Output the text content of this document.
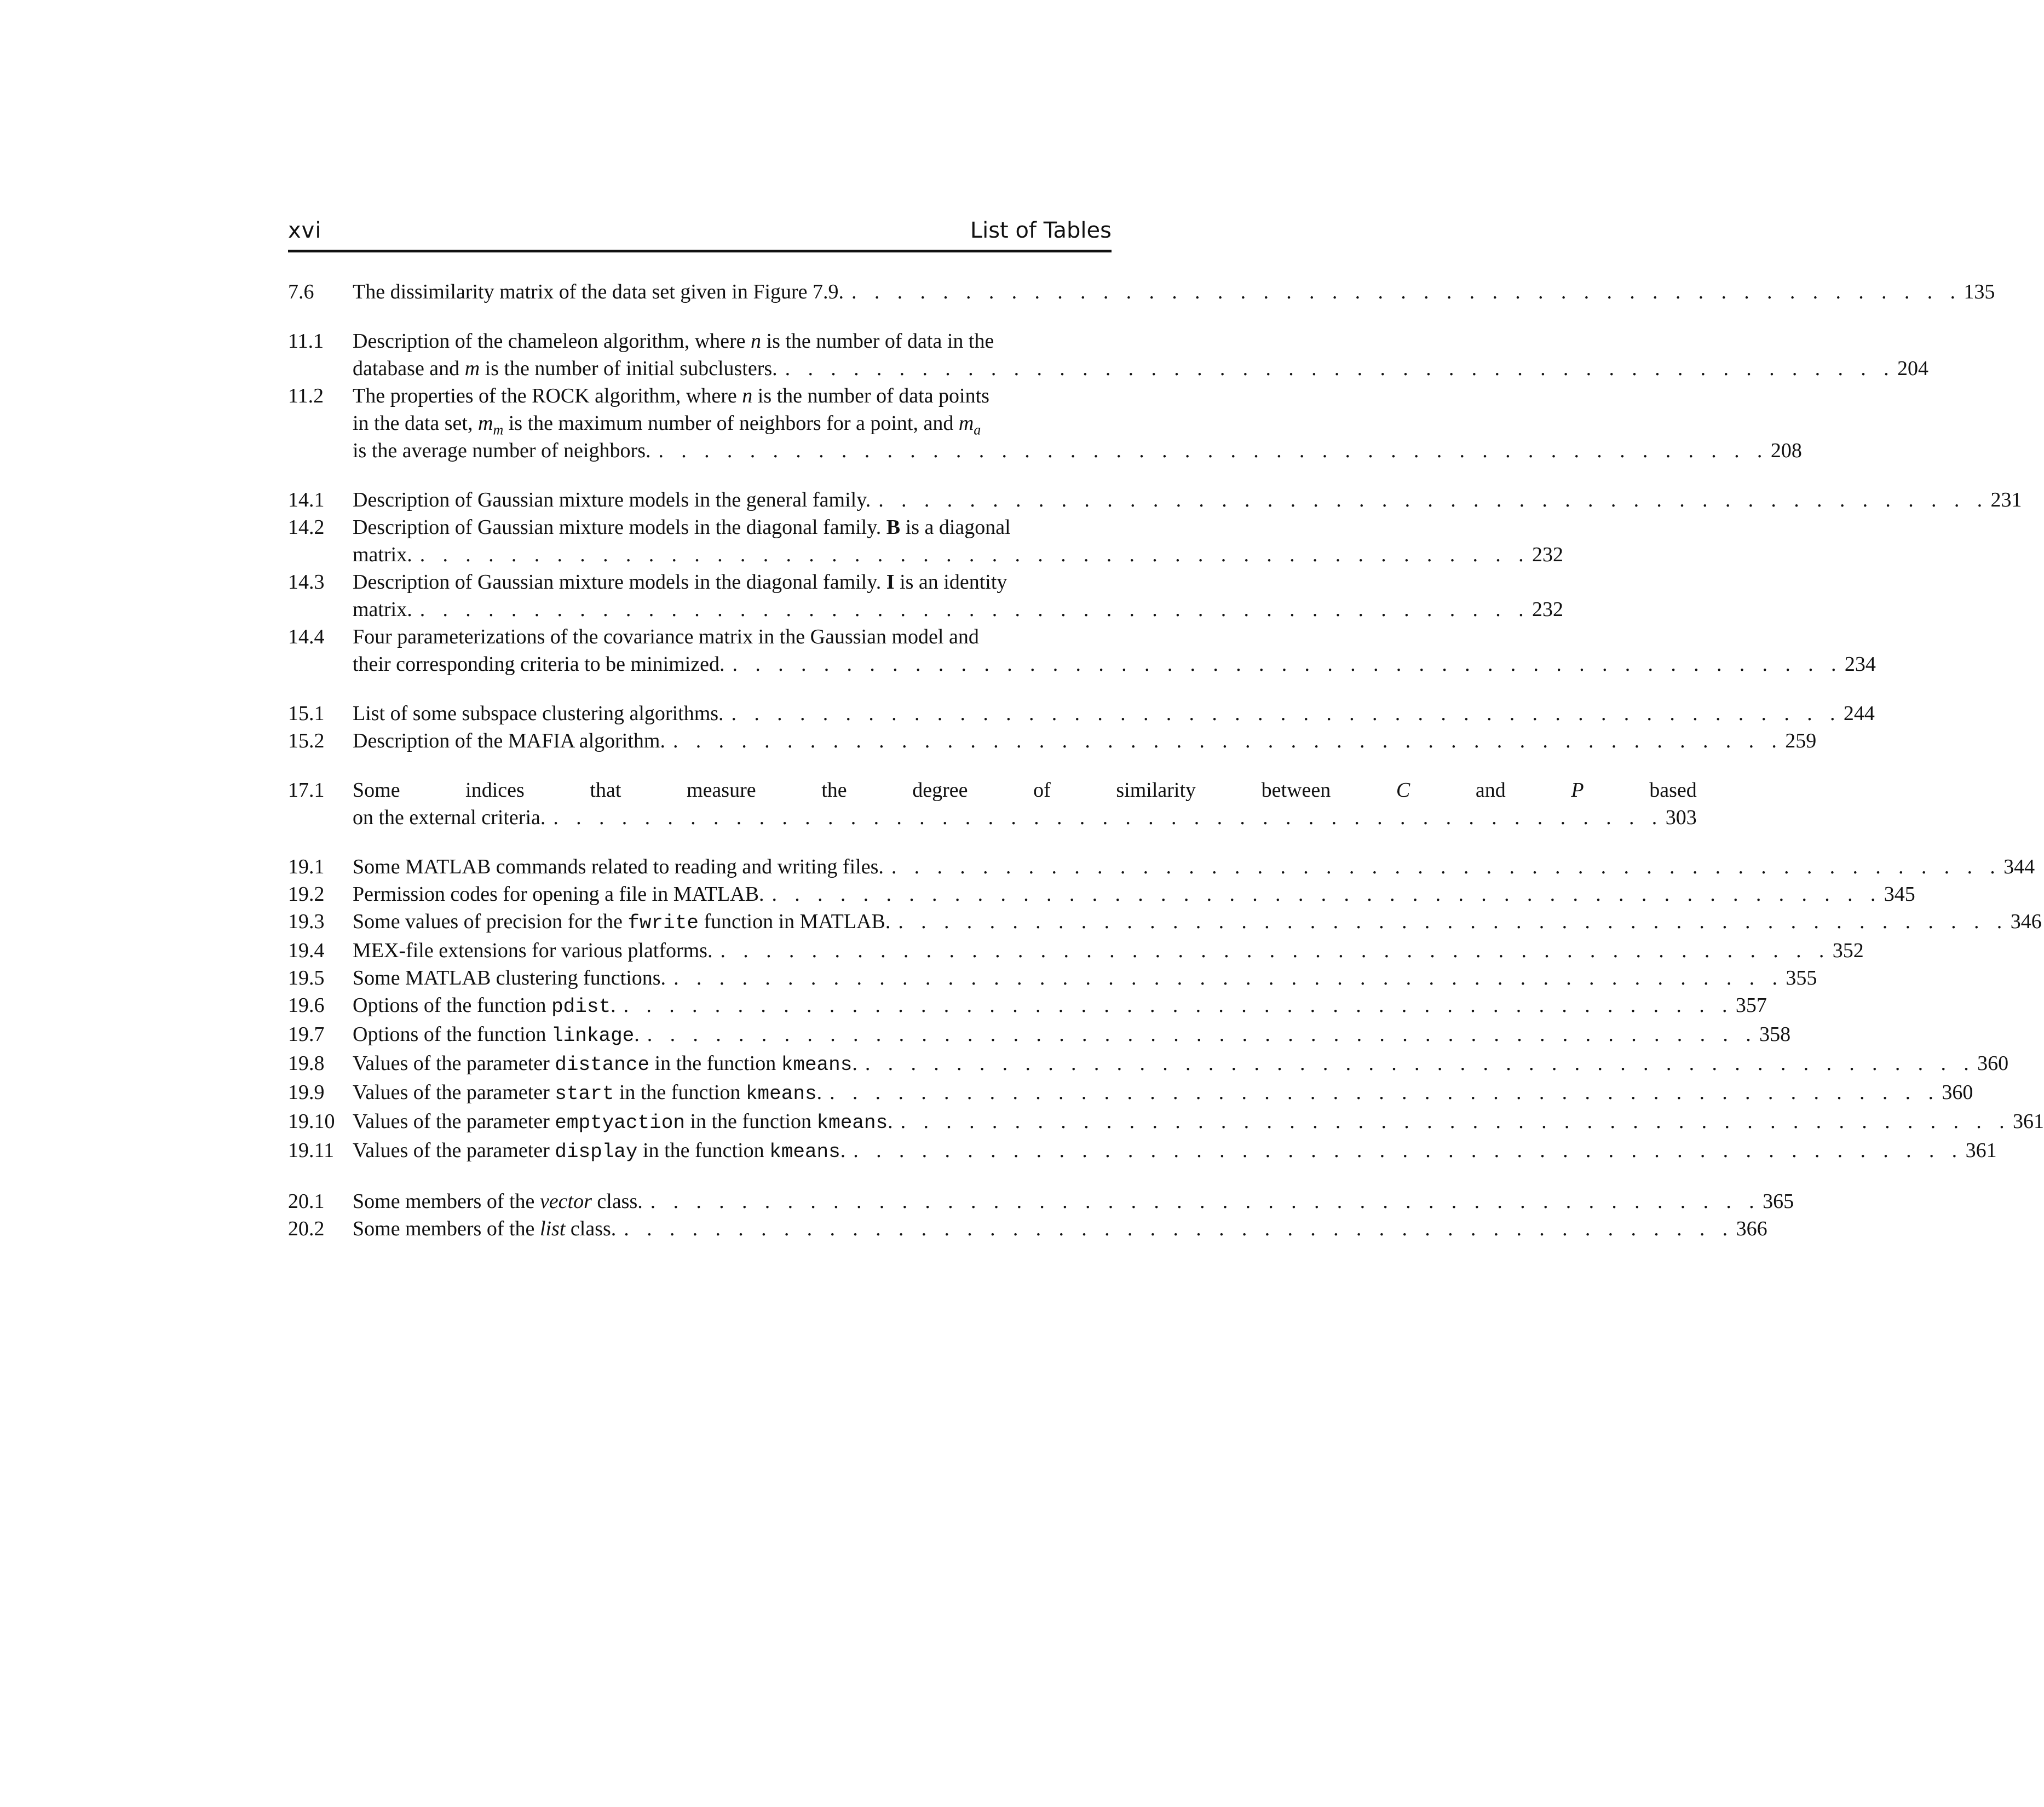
xvi	List of Tables
7.6	The dissimilarity matrix of the data set given in Figure 7.9. . . . . . . . . . . . . . . . . . . . . . . . . . . . . . . . . . . . . . . . . . . . . . . . . . 135
11.1	Description of the chameleon algorithm, where n is the number of data in the
database and m is the number of initial subclusters. . . . . . . . . . . . . . . . . . . . . . . . . . . . . . . . . . . . . . . . . . . . . . . . . . 204
11.2	The properties of the ROCK algorithm, where n is the number of data points
in the data set, $m_m$ is the maximum number of neighbors for a point, and $m_a$
is the average number of neighbors. . . . . . . . . . . . . . . . . . . . . . . . . . . . . . . . . . . . . . . . . . . . . . . . . . 208
14.1	Description of Gaussian mixture models in the general family. . . . . . . . . . . . . . . . . . . . . . . . . . . . . . . . . . . . . . . . . . . . . . . . . . 231
14.2	Description of Gaussian mixture models in the diagonal family. B is a diagonal
matrix. . . . . . . . . . . . . . . . . . . . . . . . . . . . . . . . . . . . . . . . . . . . . . . . . . 232
14.3	Description of Gaussian mixture models in the diagonal family. I is an identity
matrix. . . . . . . . . . . . . . . . . . . . . . . . . . . . . . . . . . . . . . . . . . . . . . . . . . 232
14.4	Four parameterizations of the covariance matrix in the Gaussian model and
their corresponding criteria to be minimized. . . . . . . . . . . . . . . . . . . . . . . . . . . . . . . . . . . . . . . . . . . . . . . . . . 234
15.1	List of some subspace clustering algorithms. . . . . . . . . . . . . . . . . . . . . . . . . . . . . . . . . . . . . . . . . . . . . . . . . . 244
15.2	Description of the MAFIA algorithm. . . . . . . . . . . . . . . . . . . . . . . . . . . . . . . . . . . . . . . . . . . . . . . . . . 259
17.1	Some indices that measure the degree of similarity between	C	and	P	based
on the external criteria. . . . . . . . . . . . . . . . . . . . . . . . . . . . . . . . . . . . . . . . . . . . . . . . . . 303
19.1	Some MATLAB commands related to reading and writing files. . . . . . . . . . . . . . . . . . . . . . . . . . . . . . . . . . . . . . . . . . . . . . . . . . 344
19.2	Permission codes for opening a file in MATLAB. . . . . . . . . . . . . . . . . . . . . . . . . . . . . . . . . . . . . . . . . . . . . . . . . . 345
19.3	Some values of precision for the fwrite function in MATLAB. . . . . . . . . . . . . . . . . . . . . . . . . . . . . . . . . . . . . . . . . . . . . . . . . . 346
19.4	MEX-file extensions for various platforms. . . . . . . . . . . . . . . . . . . . . . . . . . . . . . . . . . . . . . . . . . . . . . . . . . 352
19.5	Some MATLAB clustering functions. . . . . . . . . . . . . . . . . . . . . . . . . . . . . . . . . . . . . . . . . . . . . . . . . . 355
19.6	Options of the function pdist. . . . . . . . . . . . . . . . . . . . . . . . . . . . . . . . . . . . . . . . . . . . . . . . . . 357
19.7	Options of the function linkage. . . . . . . . . . . . . . . . . . . . . . . . . . . . . . . . . . . . . . . . . . . . . . . . . . 358
19.8	Values of the parameter distance in the function kmeans. . . . . . . . . . . . . . . . . . . . . . . . . . . . . . . . . . . . . . . . . . . . . . . . . . 360
19.9	Values of the parameter start in the function kmeans. . . . . . . . . . . . . . . . . . . . . . . . . . . . . . . . . . . . . . . . . . . . . . . . . . 360
19.10 Values of the parameter emptyaction in the function kmeans. . . . . . . . . . . . . . . . . . . . . . . . . . . . . . . . . . . . . . . . . . . . . . . . . . 361
19.11 Values of the parameter display in the function kmeans. . . . . . . . . . . . . . . . . . . . . . . . . . . . . . . . . . . . . . . . . . . . . . . . . . 361
20.1	Some members of the vector class. . . . . . . . . . . . . . . . . . . . . . . . . . . . . . . . . . . . . . . . . . . . . . . . . . 365
20.2	Some members of the list class. . . . . . . . . . . . . . . . . . . . . . . . . . . . . . . . . . . . . . . . . . . . . . . . . . 366
